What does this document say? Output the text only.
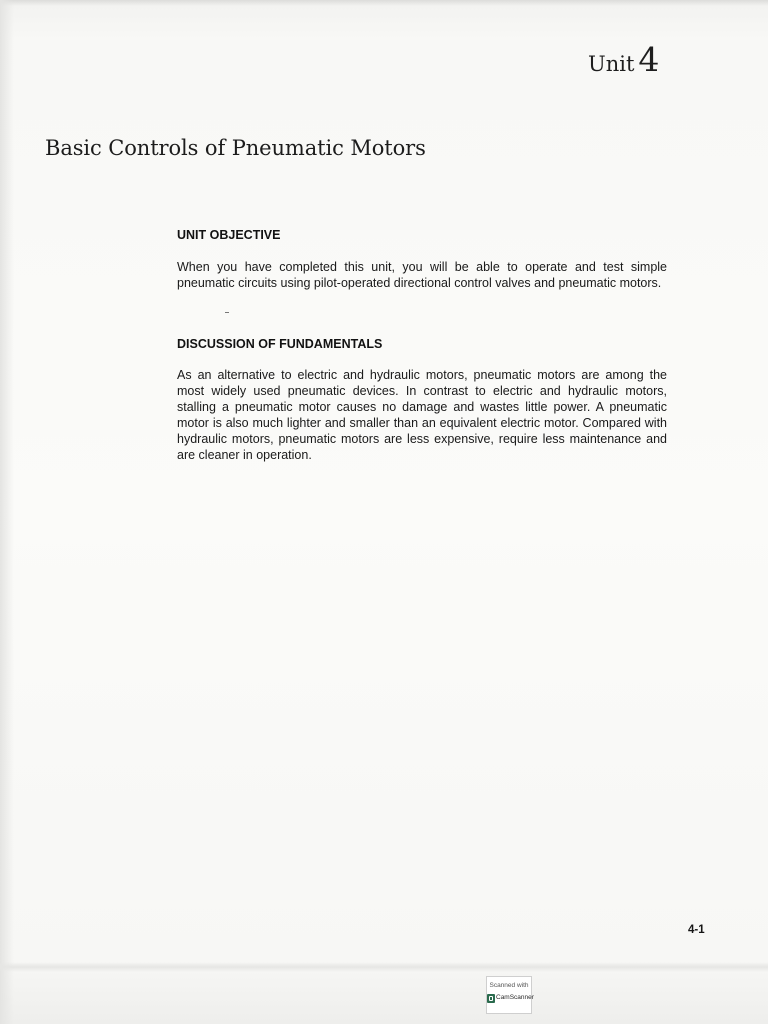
Unit 4
Basic Controls of Pneumatic Motors
UNIT OBJECTIVE

When you have completed this unit, you will be able to operate and test simple pneumatic circuits using pilot-operated directional control valves and pneumatic motors.

DISCUSSION OF FUNDAMENTALS

As an alternative to electric and hydraulic motors, pneumatic motors are among the most widely used pneumatic devices. In contrast to electric and hydraulic motors, stalling a pneumatic motor causes no damage and wastes little power. A pneumatic motor is also much lighter and smaller than an equivalent electric motor. Compared with hydraulic motors, pneumatic motors are less expensive, require less maintenance and are cleaner in operation.

4-1
Scanned with
CamScanner
